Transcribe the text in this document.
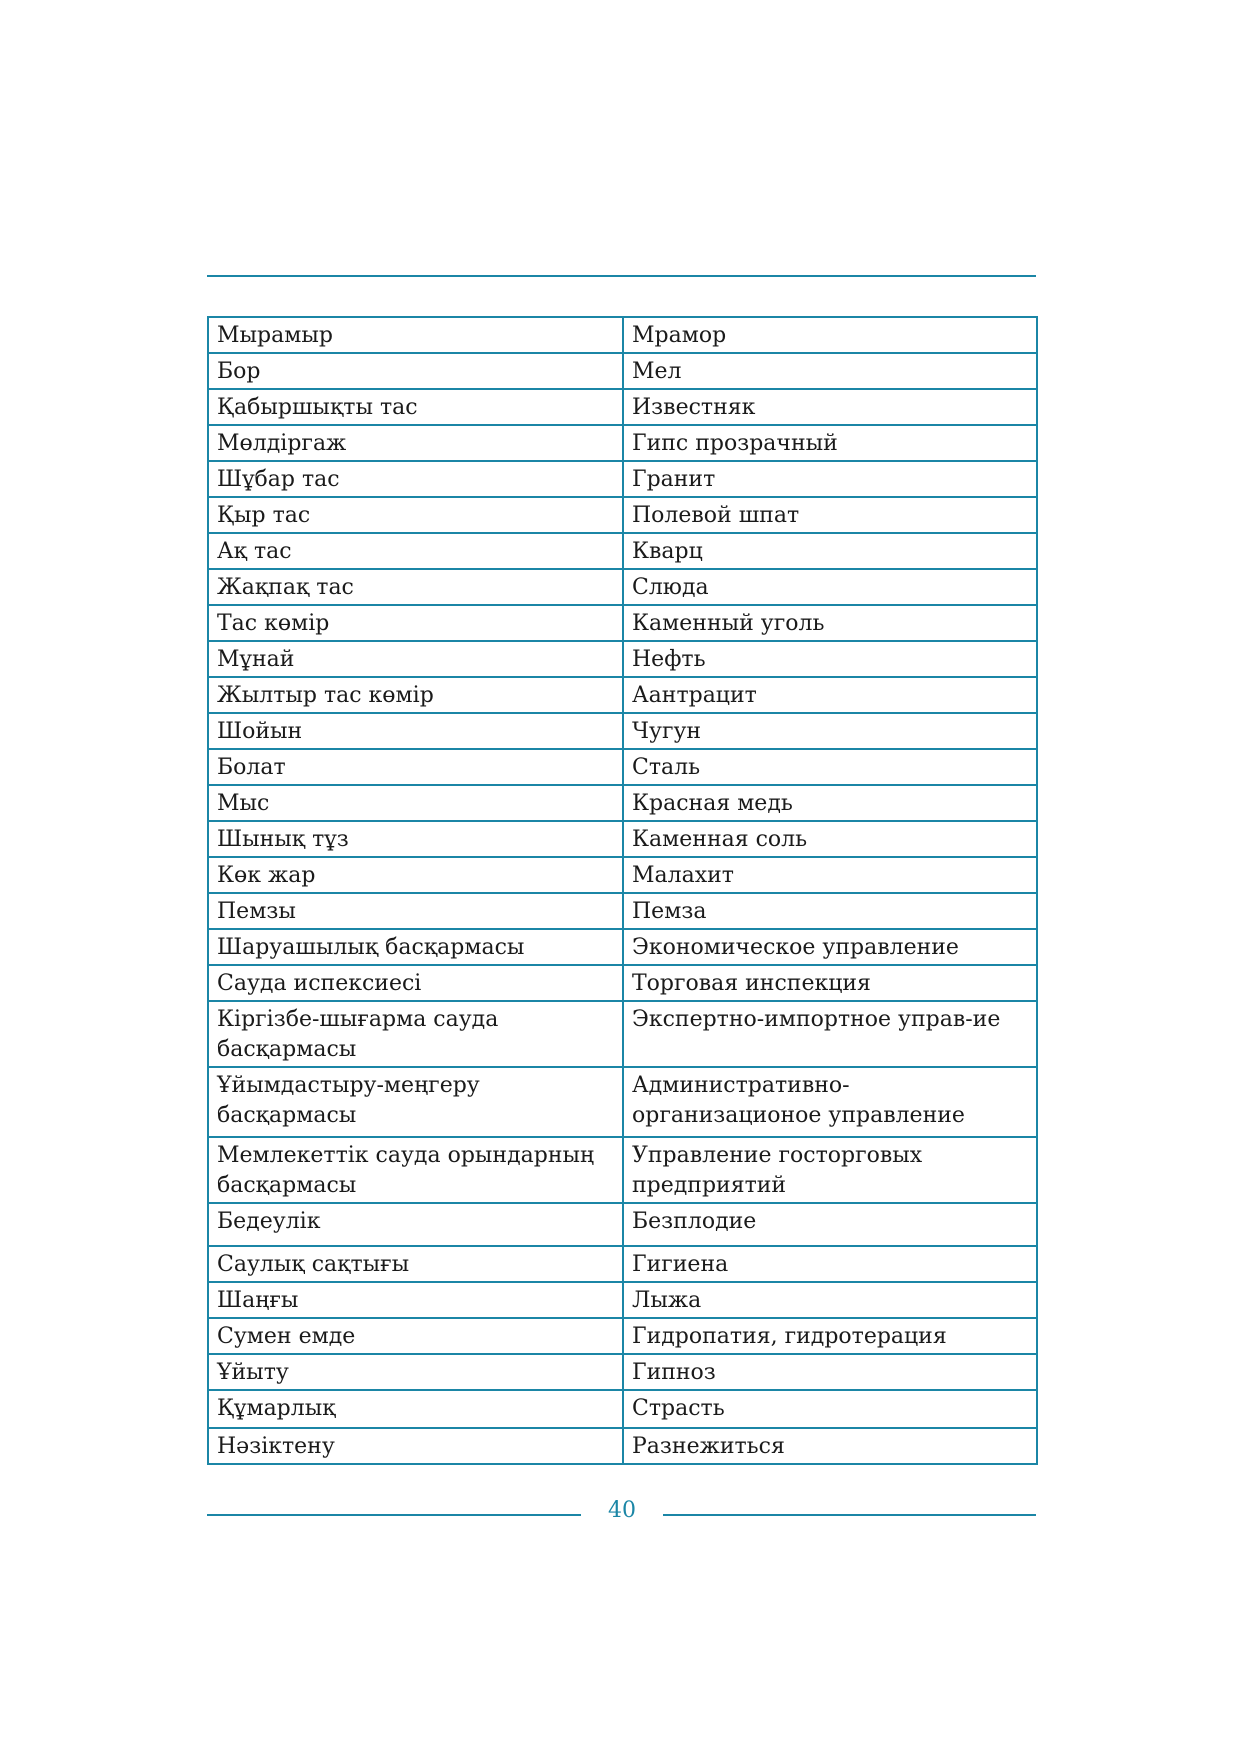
Мырамыр	Мрамор

Бор	Мел

Қабыршықты тас	Известняк

Мөлдіргаж	Гипс прозрачный

Шұбар тас	Гранит

Қыр тас	Полевой шпат

Ақ тас	Кварц

Жақпақ тас	Слюда

Тас көмір	Каменный уголь

Мұнай	Нефть

Жылтыр тас көмір	Аантрацит

Шойын	Чугун

Болат	Сталь

Мыс	Красная медь

Шынық тұз	Каменная соль

Көк жар	Малахит

Пемзы	Пемза

Шаруашылық басқармасы	Экономическое управление

Сауда испексиесі	Торговая инспекция

Кіргізбе-шығарма сауда басқармасы	Экспертно-импортное управ-ие

Ұйымдастыру-меңгеру басқармасы	Административно-организационое управление

Мемлекеттік сауда орындарның басқармасы	Управление госторговых предприятий

Бедеулік	Безплодие

Саулық сақтығы	Гигиена

Шаңғы	Лыжа

Сумен емде	Гидропатия, гидротерация

Ұйыту	Гипноз

Құмарлық	Страсть

Нәзіктену	Разнежиться
40
